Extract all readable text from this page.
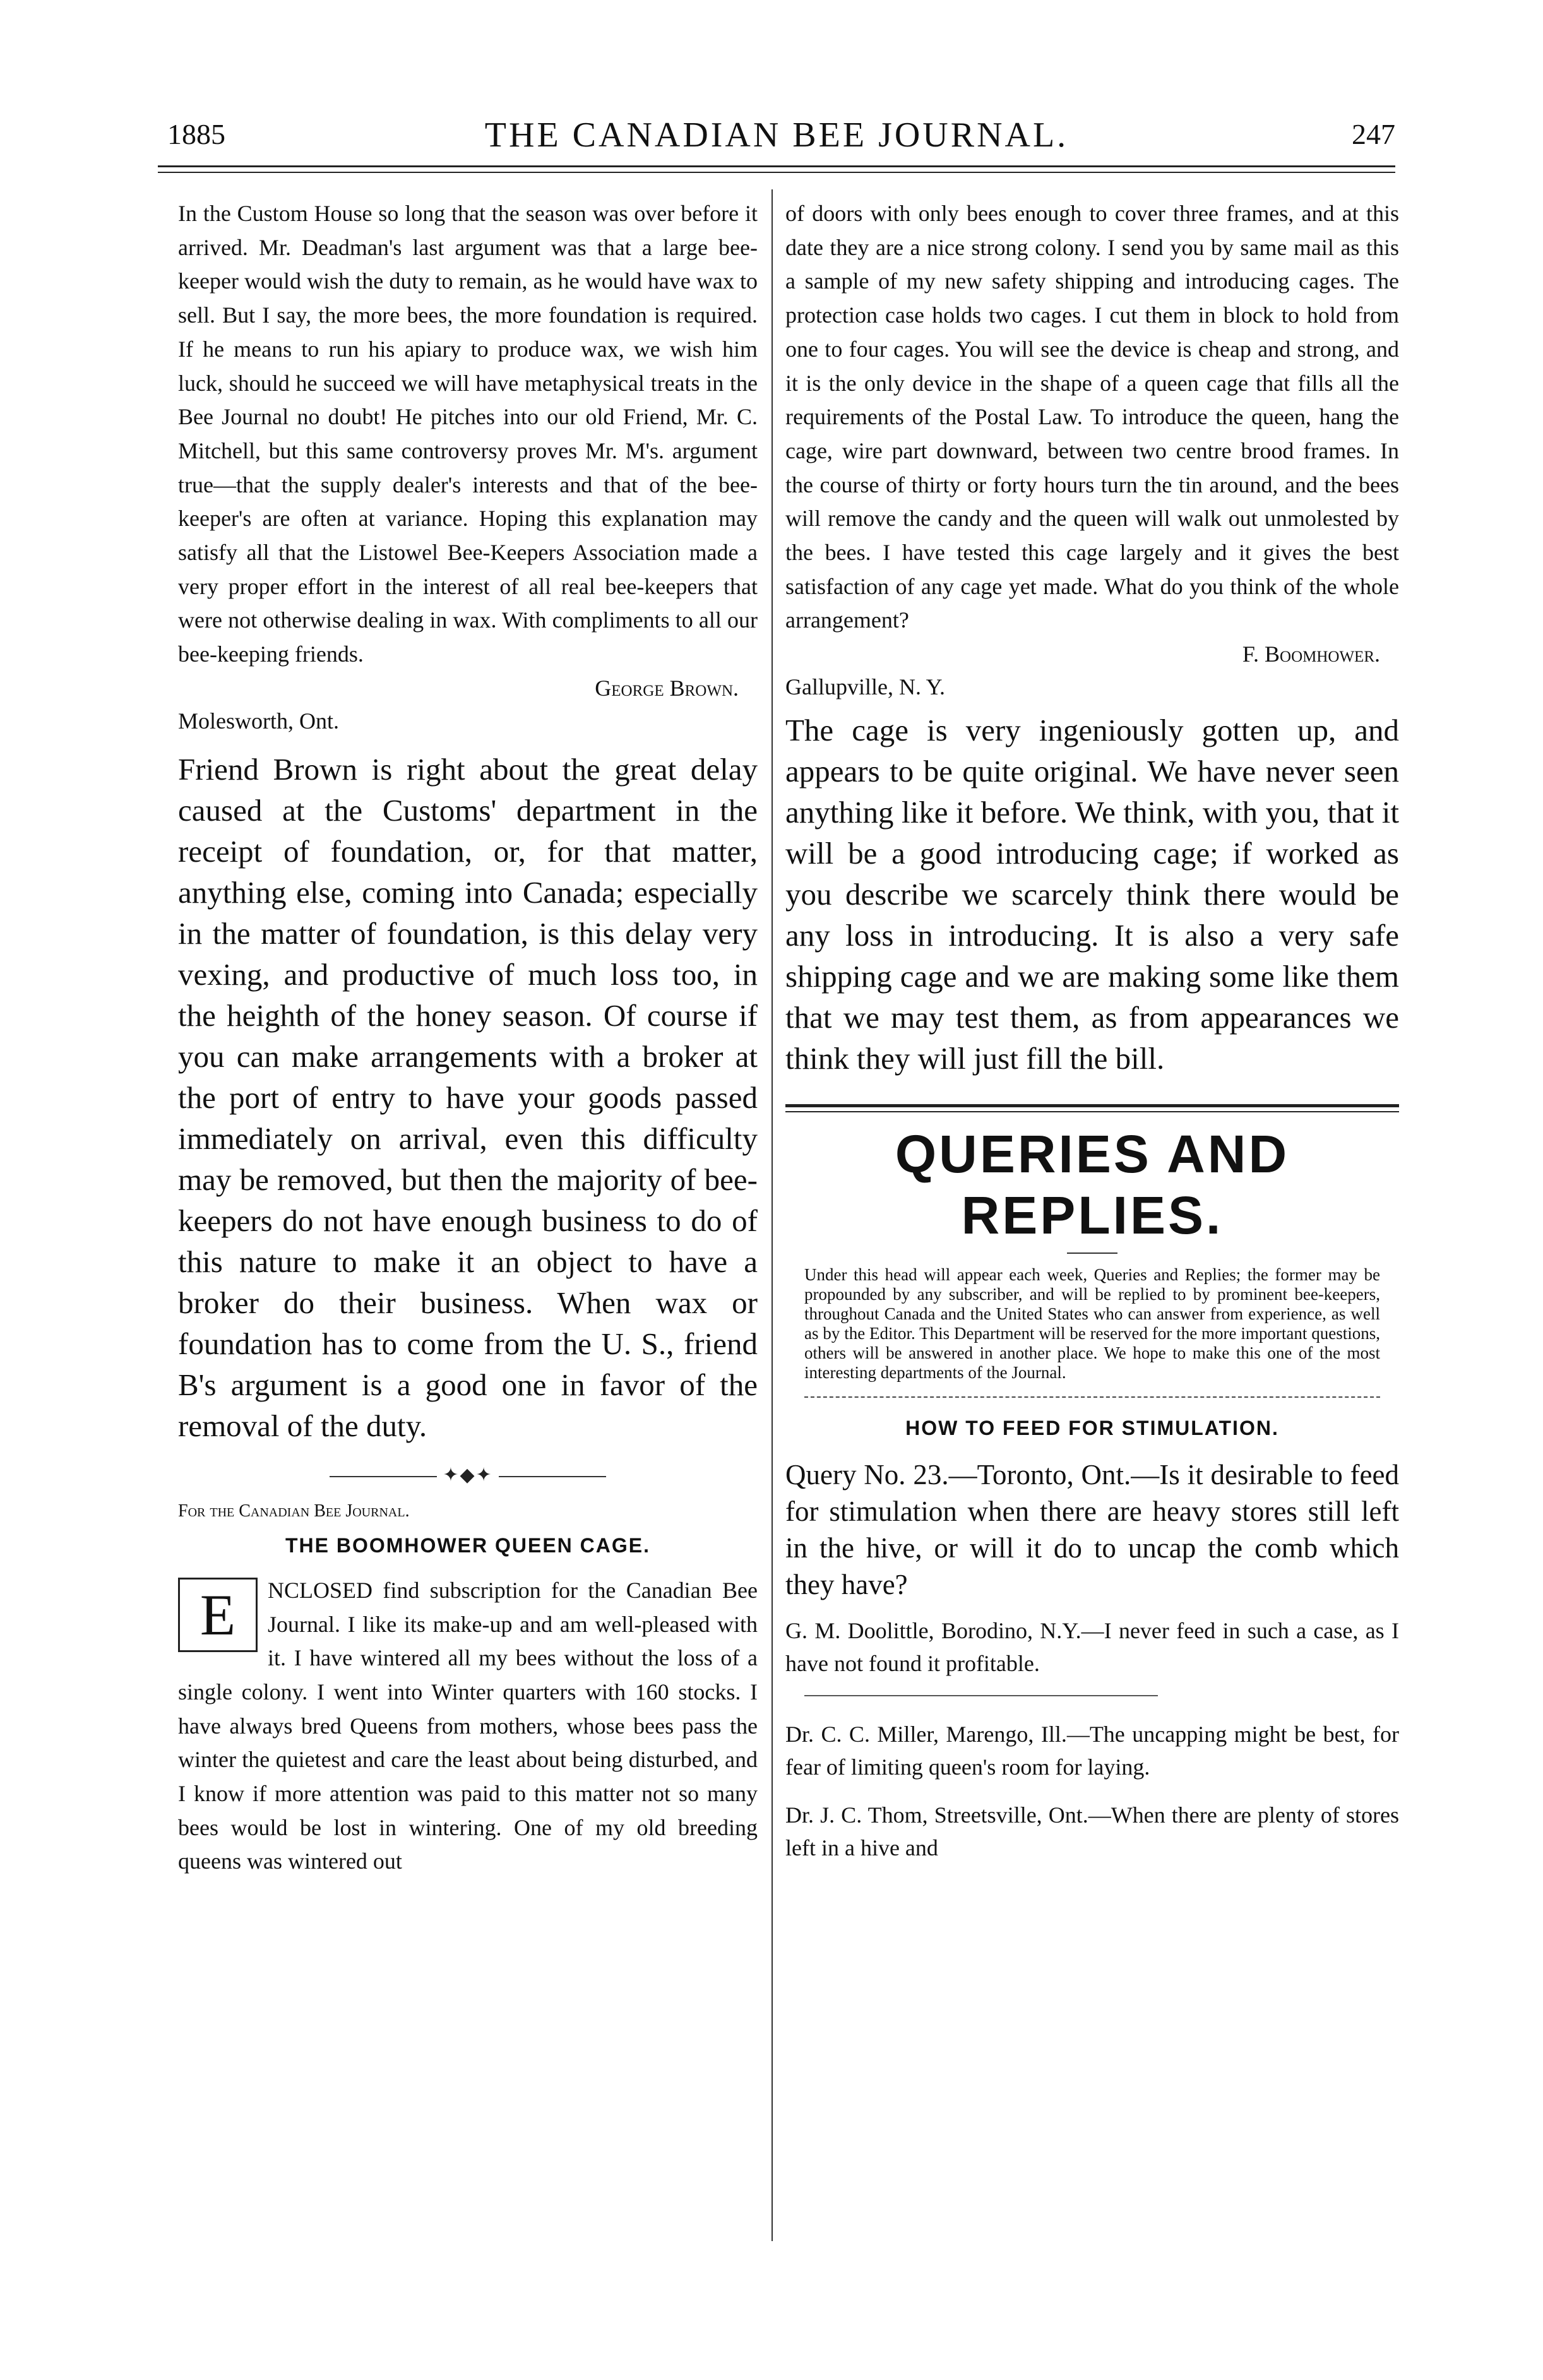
1885	THE CANADIAN BEE JOURNAL.	247

In the Custom House so long that the season was over before it arrived. Mr. Deadman's last argument was that a large bee-keeper would wish the duty to remain, as he would have wax to sell. But I say, the more bees, the more foundation is required. If he means to run his apiary to produce wax, we wish him luck, should he succeed we will have metaphysical treats in the Bee Journal no doubt! He pitches into our old Friend, Mr. C. Mitchell, but this same controversy proves Mr. M's. argument true—that the supply dealer's interests and that of the bee-keeper's are often at variance. Hoping this explanation may satisfy all that the Listowel Bee-Keepers Association made a very proper effort in the interest of all real bee-keepers that were not otherwise dealing in wax. With compliments to all our bee-keeping friends.

George Brown.

Molesworth, Ont.

Friend Brown is right about the great delay caused at the Customs' department in the receipt of foundation, or, for that matter, anything else, coming into Canada; especially in the matter of foundation, is this delay very vexing, and productive of much loss too, in the heighth of the honey season. Of course if you can make arrangements with a broker at the port of entry to have your goods passed immediately on arrival, even this difficulty may be removed, but then the majority of bee-keepers do not have enough business to do of this nature to make it an object to have a broker do their business. When wax or foundation has to come from the U. S., friend B's argument is a good one in favor of the removal of the duty.

✦◆✦

For the Canadian Bee Journal.

THE BOOMHOWER QUEEN CAGE.

E	NCLOSED find subscription for the Canadian Bee Journal. I like its make-up and am well-pleased with it. I have wintered all my bees without the loss of a single colony. I went into Winter quarters with 160 stocks. I have always bred Queens from mothers, whose bees pass the winter the quietest and care the least about being disturbed, and I know if more attention was paid to this matter not so many bees would be lost in wintering. One of my old breeding queens was wintered out

of doors with only bees enough to cover three frames, and at this date they are a nice strong colony. I send you by same mail as this a sample of my new safety shipping and introducing cages. The protection case holds two cages. I cut them in block to hold from one to four cages. You will see the device is cheap and strong, and it is the only device in the shape of a queen cage that fills all the requirements of the Postal Law. To introduce the queen, hang the cage, wire part downward, between two centre brood frames. In the course of thirty or forty hours turn the tin around, and the bees will remove the candy and the queen will walk out unmolested by the bees. I have tested this cage largely and it gives the best satisfaction of any cage yet made. What do you think of the whole arrangement?

F. Boomhower.

Gallupville, N. Y.

The cage is very ingeniously gotten up, and appears to be quite original. We have never seen anything like it before. We think, with you, that it will be a good introducing cage; if worked as you describe we scarcely think there would be any loss in introducing. It is also a very safe shipping cage and we are making some like them that we may test them, as from appearances we think they will just fill the bill.

QUERIES AND REPLIES.

Under this head will appear each week, Queries and Replies; the former may be propounded by any subscriber, and will be replied to by prominent bee-keepers, throughout Canada and the United States who can answer from experience, as well as by the Editor. This Department will be reserved for the more important questions, others will be answered in another place. We hope to make this one of the most interesting departments of the Journal.

HOW TO FEED FOR STIMULATION.

Query No. 23.—Toronto, Ont.—Is it desirable to feed for stimulation when there are heavy stores still left in the hive, or will it do to uncap the comb which they have?

G. M. Doolittle, Borodino, N.Y.—I never feed in such a case, as I have not found it profitable.

Dr. C. C. Miller, Marengo, Ill.—The uncapping might be best, for fear of limiting queen's room for laying.

Dr. J. C. Thom, Streetsville, Ont.—When there are plenty of stores left in a hive and
